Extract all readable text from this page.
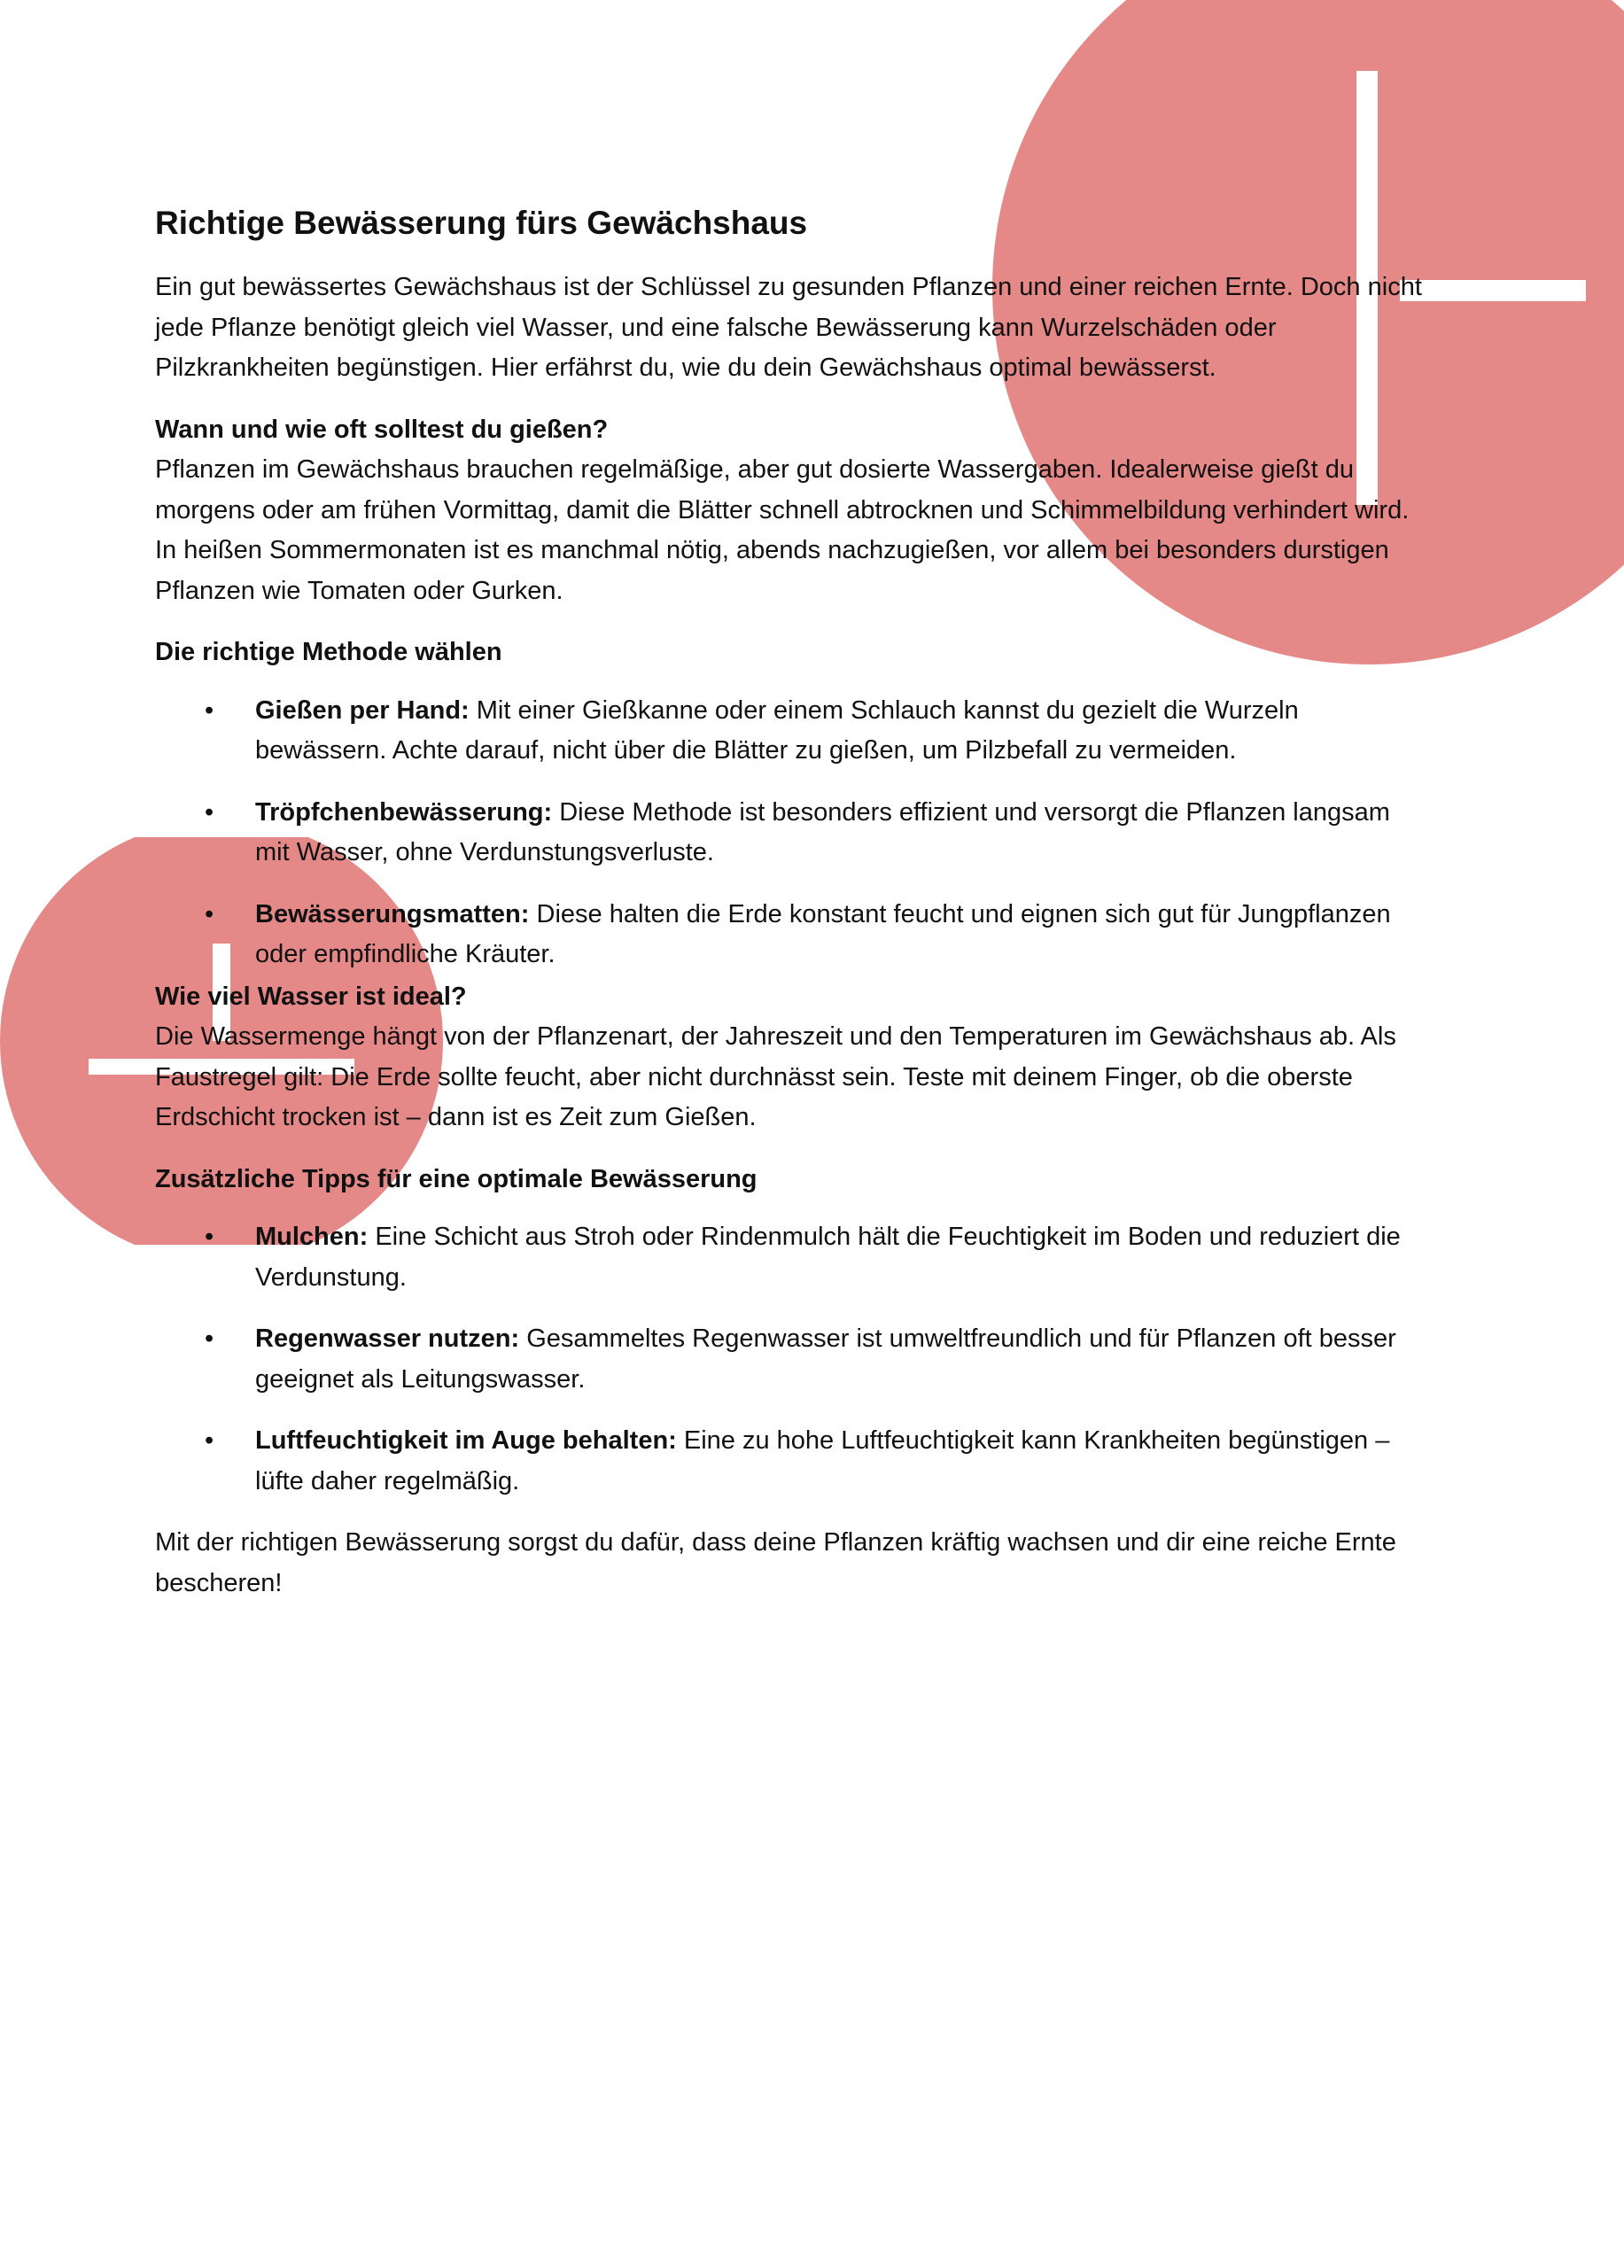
Richtige Bewässerung fürs Gewächshaus

Ein gut bewässertes Gewächshaus ist der Schlüssel zu gesunden Pflanzen und einer reichen Ernte. Doch nicht jede Pflanze benötigt gleich viel Wasser, und eine falsche Bewässerung kann Wurzelschäden oder Pilzkrankheiten begünstigen. Hier erfährst du, wie du dein Gewächshaus optimal bewässerst.

Wann und wie oft solltest du gießen?
Pflanzen im Gewächshaus brauchen regelmäßige, aber gut dosierte Wassergaben. Idealerweise gießt du morgens oder am frühen Vormittag, damit die Blätter schnell abtrocknen und Schimmelbildung verhindert wird. In heißen Sommermonaten ist es manchmal nötig, abends nachzugießen, vor allem bei besonders durstigen Pflanzen wie Tomaten oder Gurken.

Die richtige Methode wählen

• Gießen per Hand: Mit einer Gießkanne oder einem Schlauch kannst du gezielt die Wurzeln bewässern. Achte darauf, nicht über die Blätter zu gießen, um Pilzbefall zu vermeiden.
• Tröpfchenbewässerung: Diese Methode ist besonders effizient und versorgt die Pflanzen langsam mit Wasser, ohne Verdunstungsverluste.
• Bewässerungsmatten: Diese halten die Erde konstant feucht und eignen sich gut für Jungpflanzen oder empfindliche Kräuter.

Wie viel Wasser ist ideal?
Die Wassermenge hängt von der Pflanzenart, der Jahreszeit und den Temperaturen im Gewächshaus ab. Als Faustregel gilt: Die Erde sollte feucht, aber nicht durchnässt sein. Teste mit deinem Finger, ob die oberste Erdschicht trocken ist – dann ist es Zeit zum Gießen.

Zusätzliche Tipps für eine optimale Bewässerung

• Mulchen: Eine Schicht aus Stroh oder Rindenmulch hält die Feuchtigkeit im Boden und reduziert die Verdunstung.
• Regenwasser nutzen: Gesammeltes Regenwasser ist umweltfreundlich und für Pflanzen oft besser geeignet als Leitungswasser.
• Luftfeuchtigkeit im Auge behalten: Eine zu hohe Luftfeuchtigkeit kann Krankheiten begünstigen – lüfte daher regelmäßig.

Mit der richtigen Bewässerung sorgst du dafür, dass deine Pflanzen kräftig wachsen und dir eine reiche Ernte bescheren!
